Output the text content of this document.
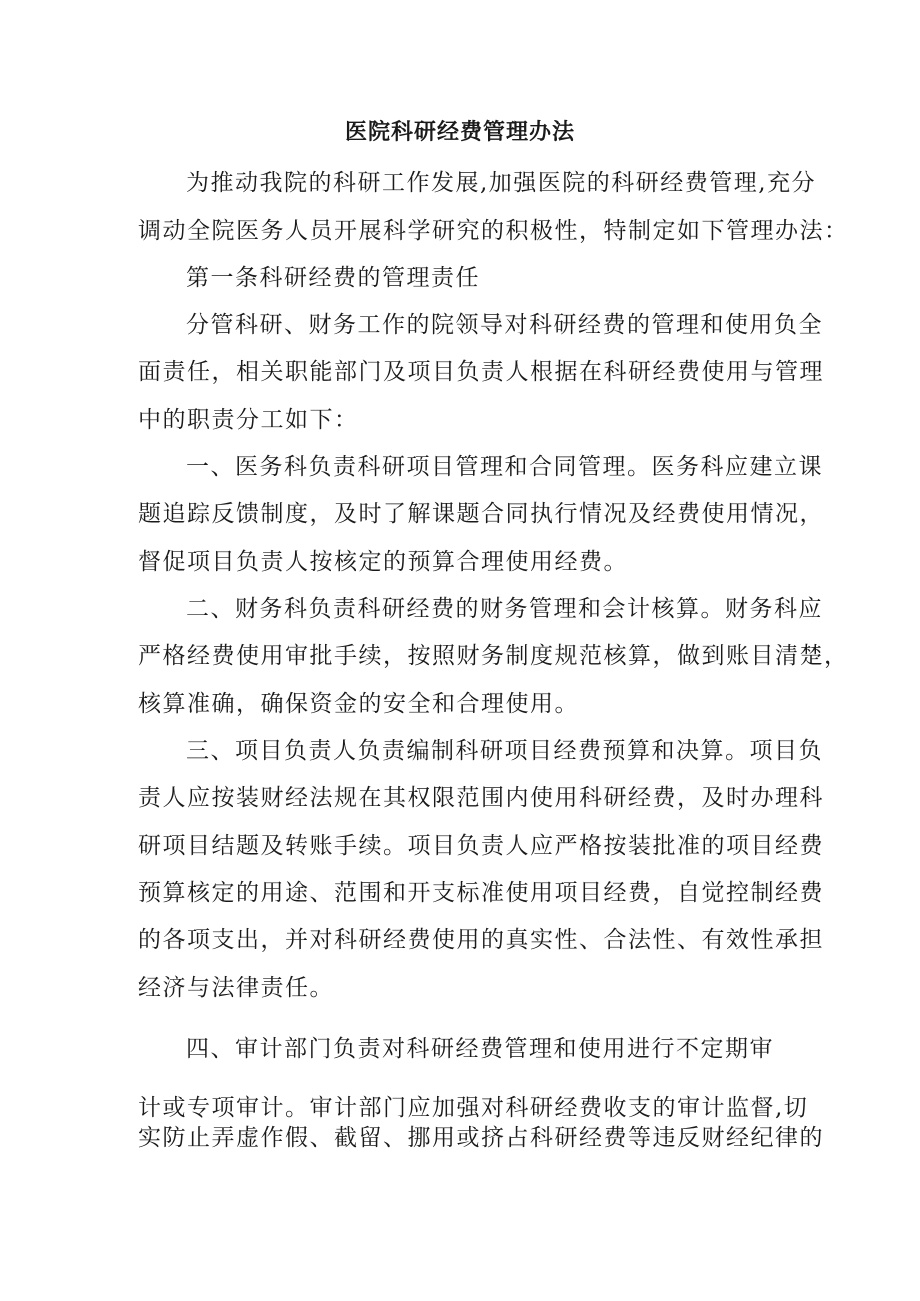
医院科研经费管理办法
为推动我院的科研工作发展,加强医院的科研经费管理,充分
调动全院医务人员开展科学研究的积极性，特制定如下管理办法：
第一条科研经费的管理责任
分管科研、财务工作的院领导对科研经费的管理和使用负全
面责任，相关职能部门及项目负责人根据在科研经费使用与管理
中的职责分工如下：
一、医务科负责科研项目管理和合同管理。医务科应建立课
题追踪反馈制度，及时了解课题合同执行情况及经费使用情况，
督促项目负责人按核定的预算合理使用经费。
二、财务科负责科研经费的财务管理和会计核算。财务科应
严格经费使用审批手续，按照财务制度规范核算，做到账目清楚，
核算准确，确保资金的安全和合理使用。
三、项目负责人负责编制科研项目经费预算和决算。项目负
责人应按装财经法规在其权限范围内使用科研经费，及时办理科
研项目结题及转账手续。项目负责人应严格按装批准的项目经费
预算核定的用途、范围和开支标准使用项目经费，自觉控制经费
的各项支出，并对科研经费使用的真实性、合法性、有效性承担
经济与法律责任。
四、审计部门负责对科研经费管理和使用进行不定期审
计或专项审计。审计部门应加强对科研经费收支的审计监督,切
实防止弄虚作假、截留、挪用或挤占科研经费等违反财经纪律的
